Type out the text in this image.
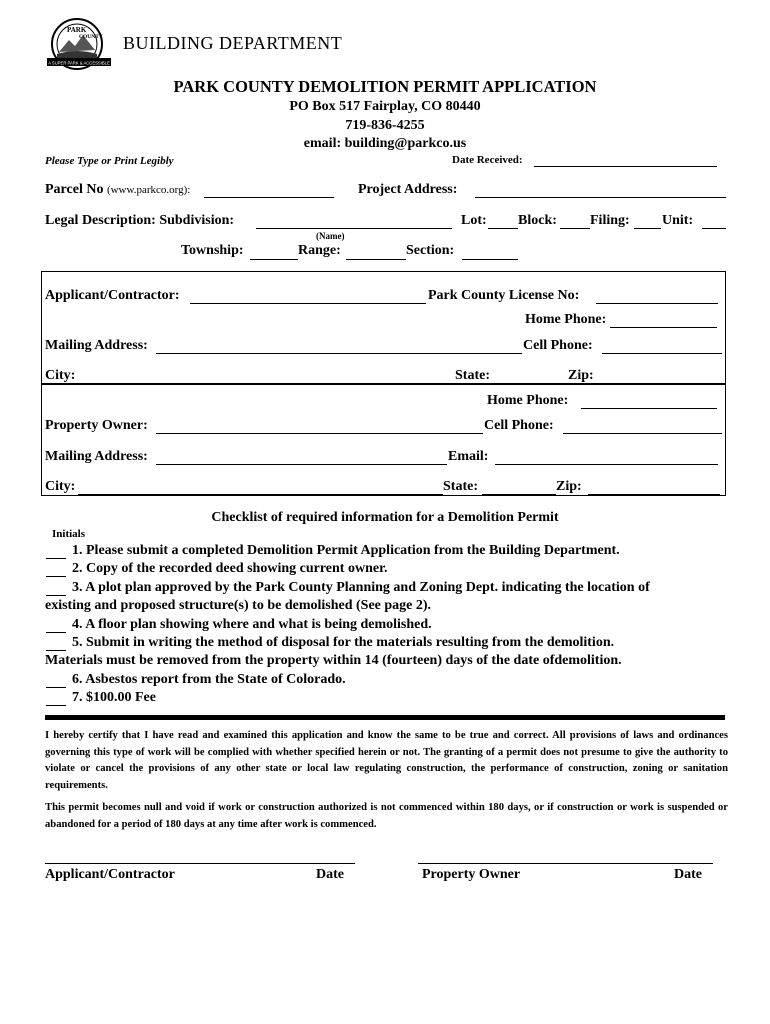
A SUPER PARK & ACCESSIBLE
PARK
COUNTY BUILDING DEPARTMENT
PARK COUNTY DEMOLITION PERMIT APPLICATION
PO Box 517 Fairplay, CO 80440
719-836-4255
email: building@parkco.us
Please Type or Print Legibly	Date Received:
Parcel No (www.parkco.org):	Project Address:
Legal Description: Subdivision:	Lot: Block: Filing: Unit:
(Name)
Township:	Range:	Section:
Applicant/Contractor:	Park County License No:
Home Phone:
Mailing Address:	Cell Phone:
City:	State:	Zip:
Home Phone:
Property Owner:	Cell Phone:
Mailing Address:	Email:
City:	State:	Zip:
Checklist of required information for a Demolition Permit
Initials
1. Please submit a completed Demolition Permit Application from the Building Department.
2. Copy of the recorded deed showing current owner.
3. A plot plan approved by the Park County Planning and Zoning Dept. indicating the location of
existing and proposed structure(s) to be demolished (See page 2).
4. A floor plan showing where and what is being demolished.
5. Submit in writing the method of disposal for the materials resulting from the demolition.
Materials must be removed from the property within 14 (fourteen) days of the date ofdemolition.
6. Asbestos report from the State of Colorado.
7. $100.00 Fee
I hereby certify that I have read and examined this application and know the same to be true and correct. All provisions of laws and ordinances governing this type of work will be complied with whether specified herein or not. The granting of a permit does not presume to give the authority to violate or cancel the provisions of any other state or local law regulating construction, the performance of construction, zoning or sanitation requirements.
This permit becomes null and void if work or construction authorized is not commenced within 180 days, or if construction or work is suspended or abandoned for a period of 180 days at any time after work is commenced.
Applicant/Contractor	Date	Property Owner	Date
